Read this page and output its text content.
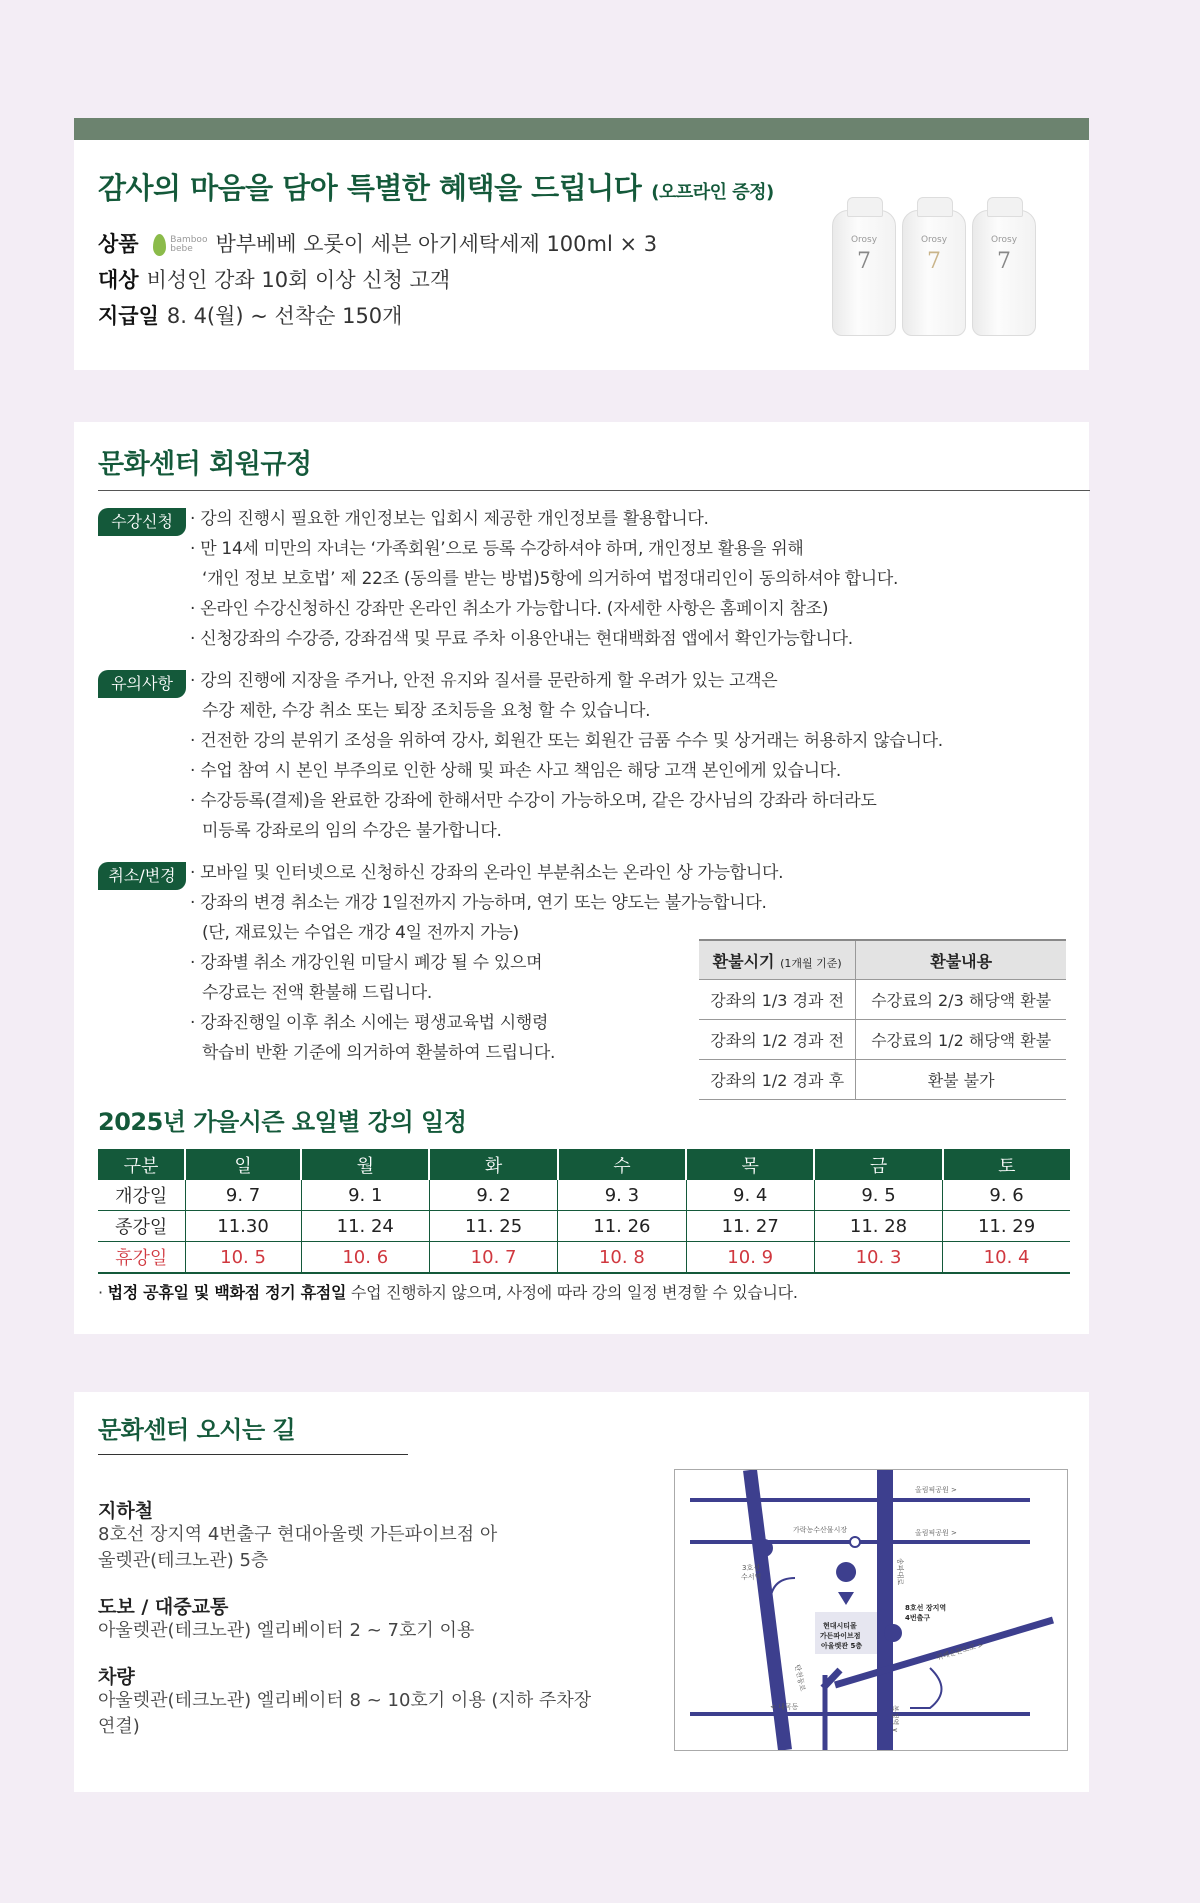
감사의 마음을 담아 특별한 혜택을 드립니다 (오프라인 증정)
상품	Bamboo
bebe 밤부베베 오롯이 세븐 아기세탁세제 100ml × 3
대상 비성인 강좌 10회 이상 신청 고객
지급일 8. 4(월) ~ 선착순 150개
Orosy
7
Orosy
7
Orosy
7
문화센터 회원규정
수강신청	· 강의 진행시 필요한 개인정보는 입회시 제공한 개인정보를 활용합니다.
· 만 14세 미만의 자녀는 ‘가족회원’으로 등록 수강하셔야 하며, 개인정보 활용을 위해
‘개인 정보 보호법’ 제 22조 (동의를 받는 방법)5항에 의거하여 법정대리인이 동의하셔야 합니다.
· 온라인 수강신청하신 강좌만 온라인 취소가 가능합니다. (자세한 사항은 홈페이지 참조)
· 신청강좌의 수강증, 강좌검색 및 무료 주차 이용안내는 현대백화점 앱에서 확인가능합니다.
유의사항	· 강의 진행에 지장을 주거나, 안전 유지와 질서를 문란하게 할 우려가 있는 고객은
수강 제한, 수강 취소 또는 퇴장 조치등을 요청 할 수 있습니다.
· 건전한 강의 분위기 조성을 위하여 강사, 회원간 또는 회원간 금품 수수 및 상거래는 허용하지 않습니다.
· 수업 참여 시 본인 부주의로 인한 상해 및 파손 사고 책임은 해당 고객 본인에게 있습니다.
· 수강등록(결제)을 완료한 강좌에 한해서만 수강이 가능하오며, 같은 강사님의 강좌라 하더라도
미등록 강좌로의 임의 수강은 불가합니다.
취소/변경 · 모바일 및 인터넷으로 신청하신 강좌의 온라인 부분취소는 온라인 상 가능합니다.
· 강좌의 변경 취소는 개강 1일전까지 가능하며, 연기 또는 양도는 불가능합니다.
(단, 재료있는 수업은 개강 4일 전까지 가능)
· 강좌별 취소 개강인원 미달시 폐강 될 수 있으며
수강료는 전액 환불해 드립니다.
· 강좌진행일 이후 취소 시에는 평생교육법 시행령
학습비 반환 기준에 의거하여 환불하여 드립니다.
환불시기 (1개월 기준)	환불내용
강좌의 1/3 경과 전	수강료의 2/3 해당액 환불
강좌의 1/2 경과 전	수강료의 1/2 해당액 환불
강좌의 1/2 경과 후	환불 불가
2025년 가을시즌 요일별 강의 일정
구분	일	월	화	수	목	금	토
개강일	9. 7	9. 1	9. 2	9. 3	9. 4	9. 5	9. 6
종강일	11.30	11. 24	11. 25	11. 26	11. 27	11. 28	11. 29
휴강일	10. 5	10. 6	10. 7	10. 8	10. 9	10. 3	10. 4
· 법정 공휴일 및 백화점 정기 휴점일 수업 진행하지 않으며, 사정에 따라 강의 일정 변경할 수 있습니다.
문화센터 오시는 길
지하철
8호선 장지역 4번출구 현대아울렛 가든파이브점 아울렛관(테크노관) 5층
도보 / 대중교통
아울렛관(테크노관) 엘리베이터 2 ~ 7호기 이용
차량
아울렛관(테크노관) 엘리베이터 8 ~ 10호기 이용 (지하 주차장 연결)
올림픽공원 >
올림픽공원 >
가락농수산물시장
3호선
수서역	송파대로
현대시티몰
가든파이브점
아울렛관 5층
8호선 장지역
4번출구
위례순환도로 >
< 내곡동	복정역 ∨
탄천동로
